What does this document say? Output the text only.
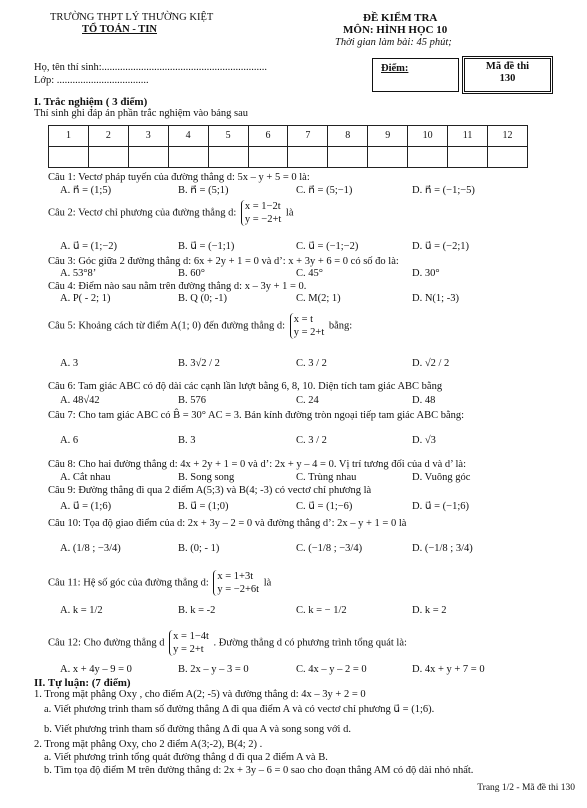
TRƯỜNG THPT LÝ THƯỜNG KIỆT
TỔ TOÁN - TIN
ĐỀ KIỂM TRA
MÔN: HÌNH HỌC 10
Thời gian làm bài: 45 phút;
Họ, tên thí sinh:...............................................................
Lớp: ...................................
Điểm:	Mã đề thi
130
I. Trắc nghiệm ( 3 điểm)
Thí sinh ghi đáp án phần trắc nghiệm vào bảng sau
1	2	3	4	5	6	7	8	9	10	11	12

Câu 1: Vectơ pháp tuyến của đường thẳng d: 5x – y + 5 = 0 là:
A. n⃗ = (1;5)	B. n⃗ = (5;1)	C. n⃗ = (5;−1)	D. n⃗ = (−1;−5)
Câu 2: Vectơ chỉ phương của đường thẳng d:
x = 1−2t
y = −2+t
là
A. u⃗ = (1;−2)	B. u⃗ = (−1;1)	C. u⃗ = (−1;−2)	D. u⃗ = (−2;1)
Câu 3: Góc giữa 2 đường thẳng d: 6x + 2y + 1 = 0 và d’: x + 3y + 6 = 0 có số đo là:
A. 53°8’	B. 60°	C. 45°	D. 30°
Câu 4: Điểm nào sau nằm trên đường thẳng d: x – 3y + 1 = 0.
A. P( - 2; 1)	B. Q (0; -1)	C. M(2; 1)	D. N(1; -3)
Câu 5: Khoảng cách từ điểm A(1; 0) đến đường thẳng d:
x = t
y = 2+t
bằng:
A. 3	B. 3√2 / 2	C. 3 / 2	D. √2 / 2
Câu 6: Tam giác ABC có độ dài các cạnh lần lượt bằng 6, 8, 10. Diện tích tam giác ABC bằng
A. 48√42	B. 576	C. 24	D. 48
Câu 7: Cho tam giác ABC có B̂ = 30° AC = 3. Bán kính đường tròn ngoại tiếp tam giác ABC bằng:
A. 6	B. 3	C. 3 / 2	D. √3
Câu 8: Cho hai đường thẳng d: 4x + 2y + 1 = 0 và d’: 2x + y – 4 = 0. Vị trí tương đối của d và d’ là:
A. Cắt nhau	B. Song song	C. Trùng nhau	D. Vuông góc
Câu 9: Đường thẳng đi qua 2 điểm A(5;3) và B(4; -3) có vectơ chỉ phương là
A. u⃗ = (1;6)	B. u⃗ = (1;0)	C. u⃗ = (1;−6)	D. u⃗ = (−1;6)
Câu 10: Tọa độ giao điểm của d: 2x + 3y – 2 = 0 và đường thẳng d’: 2x – y + 1 = 0 là
A. (1/8 ; −3/4)	B. (0; - 1)	C. (−1/8 ; −3/4)	D. (−1/8 ; 3/4)
Câu 11: Hệ số góc của đường thẳng d:
x = 1+3t
y = −2+6t
là
A. k = 1/2	B. k = -2	C. k = − 1/2	D. k = 2
Câu 12: Cho đường thẳng d
x = 1−4t
y = 2+t
. Đường thẳng d có phương trình tổng quát là:
A. x + 4y – 9 = 0	B. 2x – y – 3 = 0	C. 4x – y – 2 = 0	D. 4x + y + 7 = 0
II. Tự luận: (7 điểm)
1. Trong mặt phẳng Oxy , cho điểm A(2; -5) và đường thẳng d: 4x – 3y + 2 = 0
a. Viết phương trình tham số đường thẳng Δ đi qua điểm A và có vectơ chỉ phương u⃗ = (1;6).
b. Viết phương trình tham số đường thẳng Δ đi qua A và song song với d.
2. Trong mặt phẳng Oxy, cho 2 điểm A(3;-2), B(4; 2) .
a. Viết phương trình tổng quát đường thẳng d đi qua 2 điểm A và B.
b. Tìm tọa độ điểm M trên đường thẳng d: 2x + 3y – 6 = 0 sao cho đoạn thẳng AM có độ dài nhỏ nhất.
Trang 1/2 - Mã đề thi 130
